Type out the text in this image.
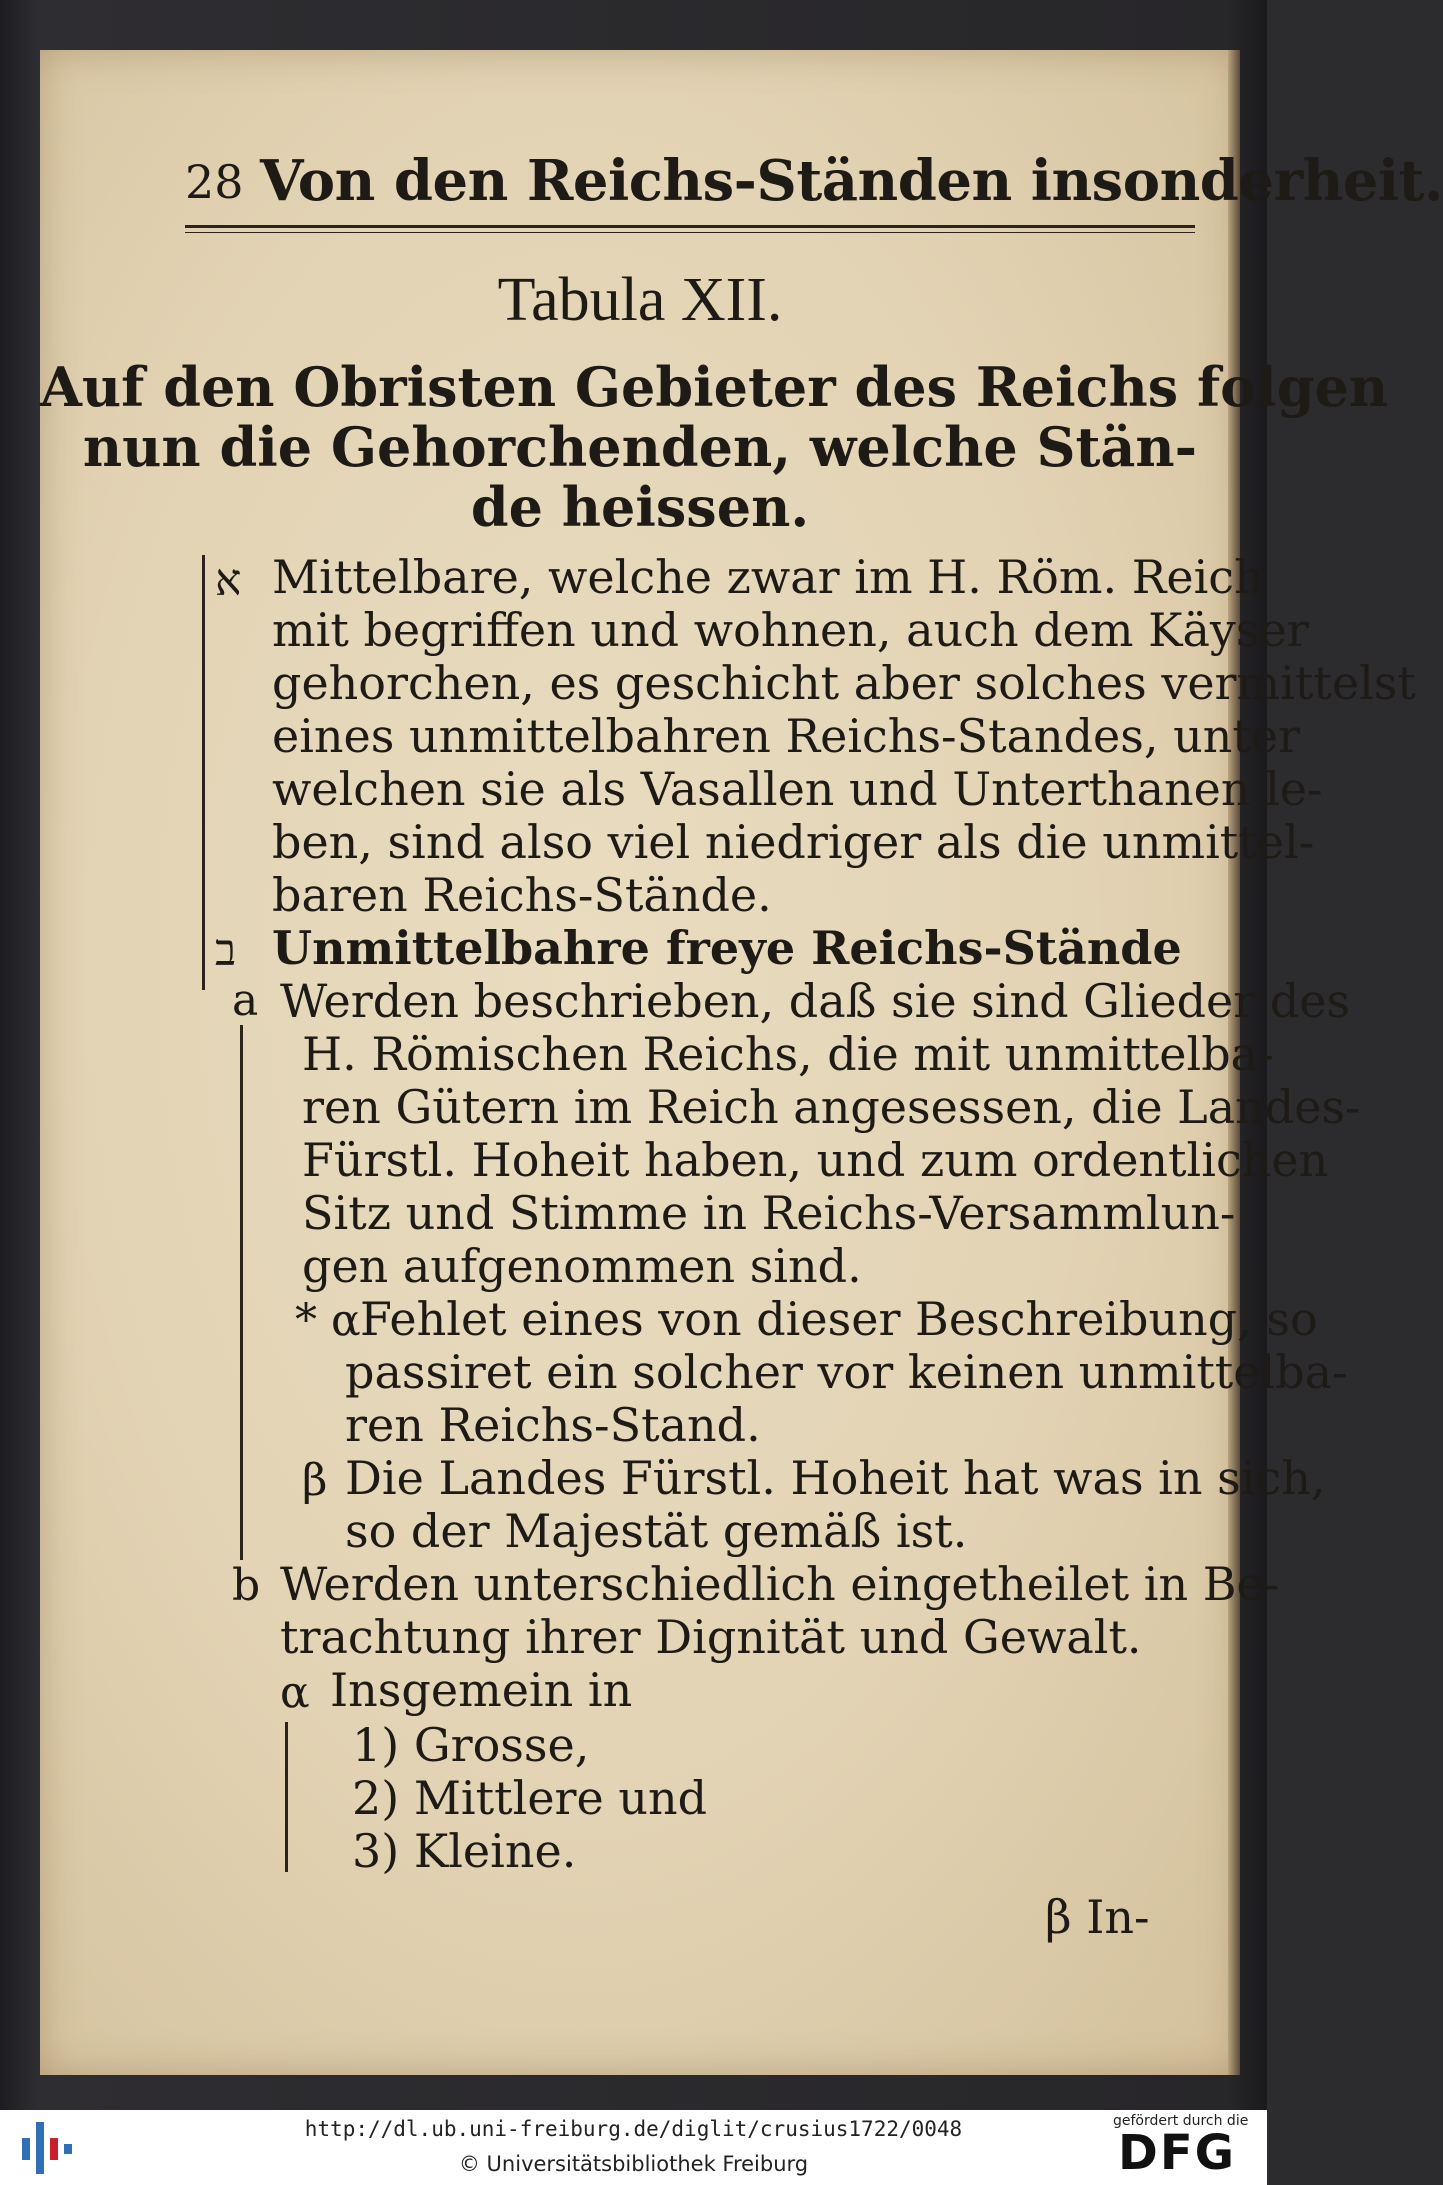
28 Von den Reichs-Ständen insonderheit.
Tabula XII.
Auf den Obristen Gebieter des Reichs folgen
nun die Gehorchenden, welche Stän-
de heissen.
א Mittelbare, welche zwar im H. Röm. Reich
mit begriffen und wohnen, auch dem Käyser
gehorchen, es geschicht aber solches vermittelst
eines unmittelbahren Reichs-Standes, unter
welchen sie als Vasallen und Unterthanen le-
ben, sind also viel niedriger als die unmittel-
baren Reichs-Stände.
ב Unmittelbahre freye Reichs-Stände
a Werden beschrieben, daß sie sind Glieder des
H. Römischen Reichs, die mit unmittelba-
ren Gütern im Reich angesessen, die Landes-
Fürstl. Hoheit haben, und zum ordentlichen
Sitz und Stimme in Reichs-Versammlun-
gen aufgenommen sind.
* α Fehlet eines von dieser Beschreibung, so
passiret ein solcher vor keinen unmittelba-
ren Reichs-Stand.
β Die Landes Fürstl. Hoheit hat was in sich,
so der Majestät gemäß ist.
b Werden unterschiedlich eingetheilet in Be-
trachtung ihrer Dignität und Gewalt.
α Insgemein in
1) Grosse,
2) Mittlere und
3) Kleine.
β In-
http://dl.ub.uni-freiburg.de/diglit/crusius1722/0048
© Universitätsbibliothek Freiburg
gefördert durch die
DFG
